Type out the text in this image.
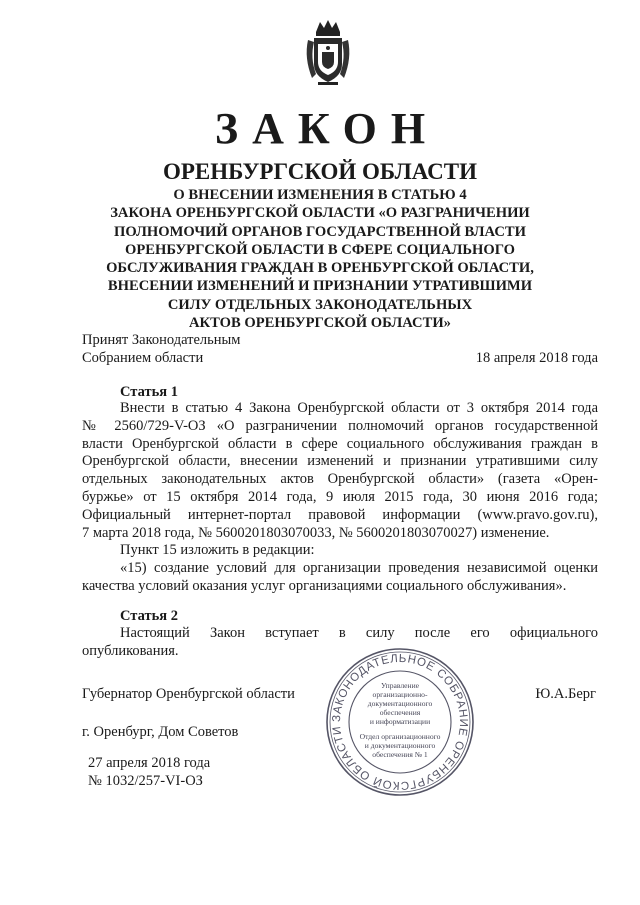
ЗАКОН
ОРЕНБУРГСКОЙ ОБЛАСТИ
О ВНЕСЕНИИ ИЗМЕНЕНИЯ В СТАТЬЮ 4
ЗАКОНА ОРЕНБУРГСКОЙ ОБЛАСТИ «О РАЗГРАНИЧЕНИИ
ПОЛНОМОЧИЙ ОРГАНОВ ГОСУДАРСТВЕННОЙ ВЛАСТИ
ОРЕНБУРГСКОЙ ОБЛАСТИ В СФЕРЕ СОЦИАЛЬНОГО
ОБСЛУЖИВАНИЯ ГРАЖДАН В ОРЕНБУРГСКОЙ ОБЛАСТИ,
ВНЕСЕНИИ ИЗМЕНЕНИЙ И ПРИЗНАНИИ УТРАТИВШИМИ
СИЛУ ОТДЕЛЬНЫХ ЗАКОНОДАТЕЛЬНЫХ
АКТОВ ОРЕНБУРГСКОЙ ОБЛАСТИ»
Принят Законодательным
Собранием области	18 апреля 2018 года
Статья 1
Внести в статью 4 Закона Оренбургской области от 3 октября 2014 года
№ 2560/729-V-ОЗ «О разграничении полномочий органов государственной
власти Оренбургской области в сфере социального обслуживания граждан в
Оренбургской области, внесении изменений и признании утратившими силу
отдельных законодательных актов Оренбургской области» (газета «Орен-
буржье» от 15 октября 2014 года, 9 июля 2015 года, 30 июня 2016 года;
Официальный интернет-портал правовой информации (www.pravo.gov.ru),
7 марта 2018 года, № 5600201803070033, № 5600201803070027) изменение.
Пункт 15 изложить в редакции:
«15) создание условий для организации проведения независимой оценки
качества условий оказания услуг организациями социального обслуживания».
Статья 2
Настоящий Закон вступает в силу после его официального
опубликования.
Губернатор Оренбургской области	Ю.А.Берг
г. Оренбург, Дом Советов
27 апреля 2018 года
№ 1032/257-VI-ОЗ
ЗАКОНОДАТЕЛЬНОЕ СОБРАНИЕ ОРЕНБУРГСКОЙ ОБЛАСТИ
Управление
организационно-
документационного
обеспечения
и информатизации
Отдел организационного
и документационного
обеспечения № 1
